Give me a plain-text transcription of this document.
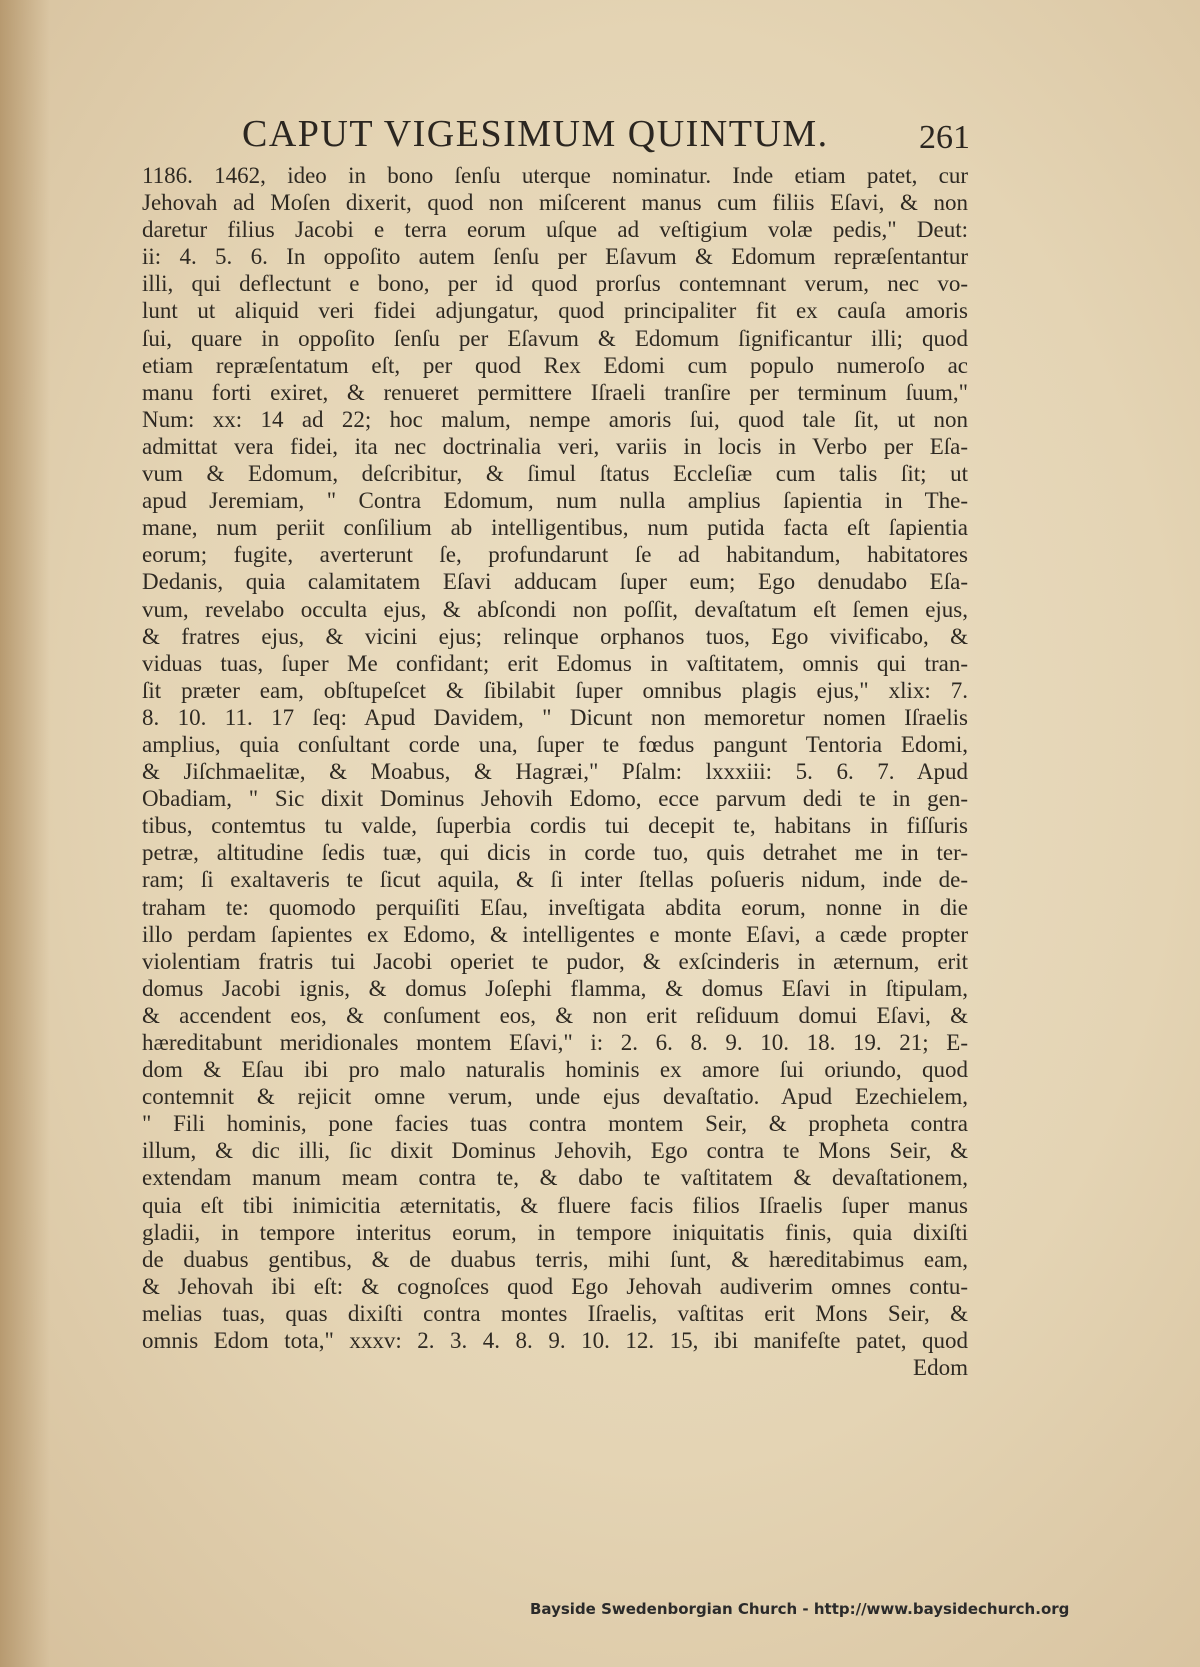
CAPUT VIGESIMUM QUINTUM.	261
1186. 1462, ideo in bono ſenſu uterque nominatur. Inde etiam patet, cur
Jehovah ad Moſen dixerit, quod non miſcerent manus cum filiis Eſavi, & non
daretur filius Jacobi e terra eorum uſque ad veſtigium volæ pedis," Deut:
ii: 4. 5. 6. In oppoſito autem ſenſu per Eſavum & Edomum repræſentantur
illi, qui deflectunt e bono, per id quod prorſus contemnant verum, nec vo-
lunt ut aliquid veri fidei adjungatur, quod principaliter fit ex cauſa amoris
ſui, quare in oppoſito ſenſu per Eſavum & Edomum ſignificantur illi; quod
etiam repræſentatum eſt, per quod Rex Edomi cum populo numeroſo ac
manu forti exiret, & renueret permittere Iſraeli tranſire per terminum ſuum,"
Num: xx: 14 ad 22; hoc malum, nempe amoris ſui, quod tale ſit, ut non
admittat vera fidei, ita nec doctrinalia veri, variis in locis in Verbo per Eſa-
vum & Edomum, deſcribitur, & ſimul ſtatus Eccleſiæ cum talis ſit; ut
apud Jeremiam, " Contra Edomum, num nulla amplius ſapientia in The-
mane, num periit conſilium ab intelligentibus, num putida facta eſt ſapientia
eorum; fugite, averterunt ſe, profundarunt ſe ad habitandum, habitatores
Dedanis, quia calamitatem Eſavi adducam ſuper eum; Ego denudabo Eſa-
vum, revelabo occulta ejus, & abſcondi non poſſit, devaſtatum eſt ſemen ejus,
& fratres ejus, & vicini ejus; relinque orphanos tuos, Ego vivificabo, &
viduas tuas, ſuper Me confidant; erit Edomus in vaſtitatem, omnis qui tran-
ſit præter eam, obſtupeſcet & ſibilabit ſuper omnibus plagis ejus," xlix: 7.
8. 10. 11. 17 ſeq: Apud Davidem, " Dicunt non memoretur nomen Iſraelis
amplius, quia conſultant corde una, ſuper te fœdus pangunt Tentoria Edomi,
& Jiſchmaelitæ, & Moabus, & Hagræi," Pſalm: lxxxiii: 5. 6. 7. Apud
Obadiam, " Sic dixit Dominus Jehovih Edomo, ecce parvum dedi te in gen-
tibus, contemtus tu valde, ſuperbia cordis tui decepit te, habitans in fiſſuris
petræ, altitudine ſedis tuæ, qui dicis in corde tuo, quis detrahet me in ter-
ram; ſi exaltaveris te ſicut aquila, & ſi inter ſtellas poſueris nidum, inde de-
traham te: quomodo perquiſiti Eſau, inveſtigata abdita eorum, nonne in die
illo perdam ſapientes ex Edomo, & intelligentes e monte Eſavi, a cæde propter
violentiam fratris tui Jacobi operiet te pudor, & exſcinderis in æternum, erit
domus Jacobi ignis, & domus Joſephi flamma, & domus Eſavi in ſtipulam,
& accendent eos, & conſument eos, & non erit reſiduum domui Eſavi, &
hæreditabunt meridionales montem Eſavi," i: 2. 6. 8. 9. 10. 18. 19. 21; E-
dom & Eſau ibi pro malo naturalis hominis ex amore ſui oriundo, quod
contemnit & rejicit omne verum, unde ejus devaſtatio. Apud Ezechielem,
" Fili hominis, pone facies tuas contra montem Seir, & propheta contra
illum, & dic illi, ſic dixit Dominus Jehovih, Ego contra te Mons Seir, &
extendam manum meam contra te, & dabo te vaſtitatem & devaſtationem,
quia eſt tibi inimicitia æternitatis, & fluere facis filios Iſraelis ſuper manus
gladii, in tempore interitus eorum, in tempore iniquitatis finis, quia dixiſti
de duabus gentibus, & de duabus terris, mihi ſunt, & hæreditabimus eam,
& Jehovah ibi eſt: & cognoſces quod Ego Jehovah audiverim omnes contu-
melias tuas, quas dixiſti contra montes Iſraelis, vaſtitas erit Mons Seir, &
omnis Edom tota," xxxv: 2. 3. 4. 8. 9. 10. 12. 15, ibi manifeſte patet, quod
Edom
Bayside Swedenborgian Church - http://www.baysidechurch.org
